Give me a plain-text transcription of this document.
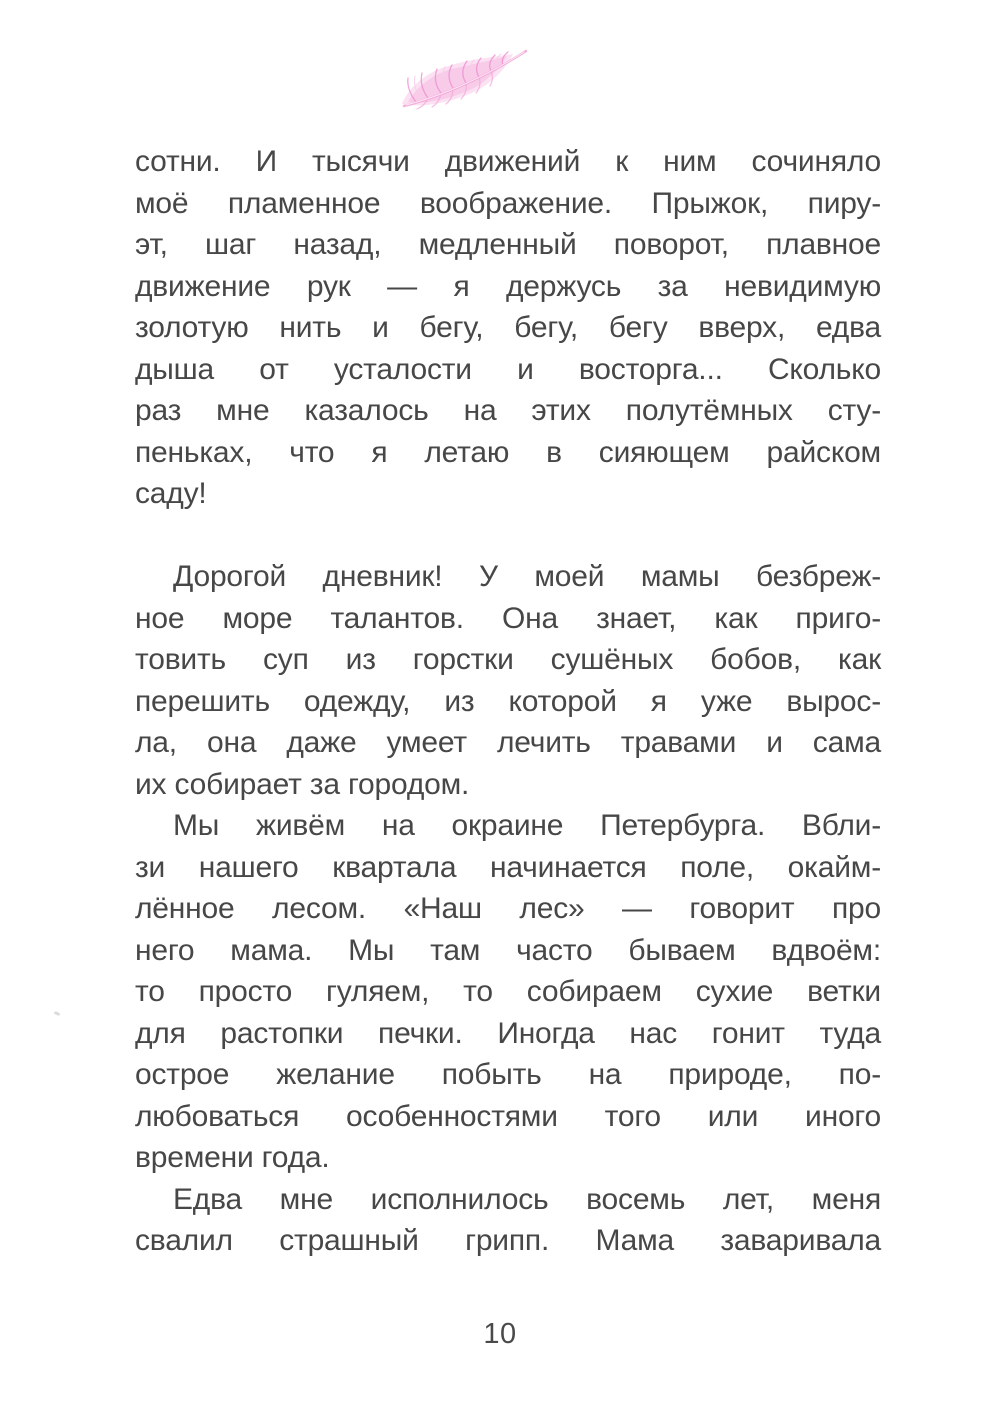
сотни. И тысячи движений к ним сочиняло
моё пламенное воображение. Прыжок, пиру-
эт, шаг назад, медленный поворот, плавное
движение рук — я держусь за невидимую
золотую нить и бегу, бегу, бегу вверх, едва
дыша от усталости и восторга... Сколько
раз мне казалось на этих полутёмных сту-
пеньках, что я летаю в сияющем райском
саду!
Дорогой дневник! У моей мамы безбреж-
ное море талантов. Она знает, как приго-
товить суп из горстки сушёных бобов, как
перешить одежду, из которой я уже вырос-
ла, она даже умеет лечить травами и сама
их собирает за городом.
Мы живём на окраине Петербурга. Вбли-
зи нашего квартала начинается поле, окайм-
лённое лесом. «Наш лес» — говорит про
него мама. Мы там часто бываем вдвоём:
то просто гуляем, то собираем сухие ветки
для растопки печки. Иногда нас гонит туда
острое желание побыть на природе, по-
любоваться особенностями того или иного
времени года.
Едва мне исполнилось восемь лет, меня
свалил страшный грипп. Мама заваривала
10
